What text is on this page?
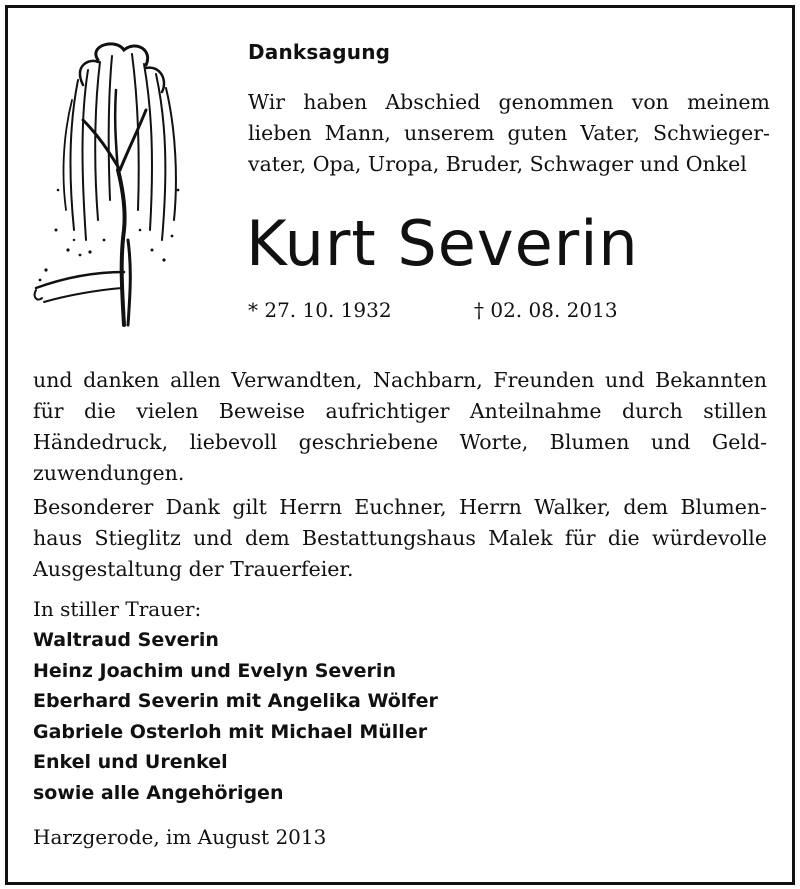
Danksagung
Wir haben Abschied genommen von meinem
lieben Mann, unserem guten Vater, Schwieger-
vater, Opa, Uropa, Bruder, Schwager und Onkel
Kurt Severin
* 27. 10. 1932	† 02. 08. 2013
und danken allen Verwandten, Nachbarn, Freunden und Bekannten
für die vielen Beweise aufrichtiger Anteilnahme durch stillen
Händedruck, liebevoll geschriebene Worte, Blumen und Geld-
zuwendungen.
Besonderer Dank gilt Herrn Euchner, Herrn Walker, dem Blumen-
haus Stieglitz und dem Bestattungshaus Malek für die würdevolle
Ausgestaltung der Trauerfeier.
In stiller Trauer:
Waltraud Severin
Heinz Joachim und Evelyn Severin
Eberhard Severin mit Angelika Wölfer
Gabriele Osterloh mit Michael Müller
Enkel und Urenkel
sowie alle Angehörigen
Harzgerode, im August 2013
